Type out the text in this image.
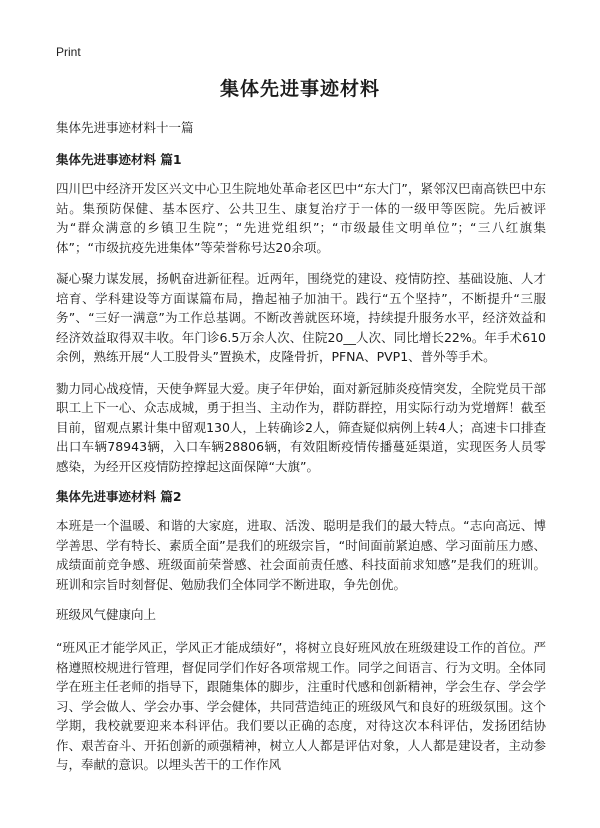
Print
集体先进事迹材料

集体先进事迹材料十一篇

集体先进事迹材料 篇1

四川巴中经济开发区兴文中心卫生院地处革命老区巴中“东大门”，紧邻汉巴南高铁巴中东站。集预防保健、基本医疗、公共卫生、康复治疗于一体的一级甲等医院。先后被评为“群众满意的乡镇卫生院”；“先进党组织”；“市级最佳文明单位”；“三八红旗集体”；“市级抗疫先进集体”等荣誉称号达20余项。

凝心聚力谋发展，扬帆奋进新征程。近两年，围绕党的建设、疫情防控、基础设施、人才培育、学科建设等方面谋篇布局，撸起袖子加油干。践行“五个坚持”，不断提升“三服务”、“三好一满意”为工作总基调。不断改善就医环境，持续提升服务水平，经济效益和经济效益取得双丰收。年门诊6.5万余人次、住院20__人次、同比增长22%。年手术610余例，熟练开展“人工股骨头”置换术，皮隆骨折，PFNA、PVP1、普外等手术。

勠力同心战疫情，天使争辉显大爱。庚子年伊始，面对新冠肺炎疫情突发，全院党员干部职工上下一心、众志成城，勇于担当、主动作为，群防群控，用实际行动为党增辉！截至目前，留观点累计集中留观130人，上转确诊2人，筛查疑似病例上转4人；高速卡口排查出口车辆78943辆，入口车辆28806辆，有效阻断疫情传播蔓延渠道，实现医务人员零感染，为经开区疫情防控撑起这面保障“大旗”。

集体先进事迹材料 篇2

本班是一个温暖、和谐的大家庭，进取、活泼、聪明是我们的最大特点。“志向高远、博学善思、学有特长、素质全面”是我们的班级宗旨，“时间面前紧迫感、学习面前压力感、成绩面前竞争感、班级面前荣誉感、社会面前责任感、科技面前求知感”是我们的班训。班训和宗旨时刻督促、勉励我们全体同学不断进取，争先创优。

班级风气健康向上

“班风正才能学风正，学风正才能成绩好”，将树立良好班风放在班级建设工作的首位。严格遵照校规进行管理，督促同学们作好各项常规工作。同学之间语言、行为文明。全体同学在班主任老师的指导下，跟随集体的脚步，注重时代感和创新精神，学会生存、学会学习、学会做人、学会办事、学会健体，共同营造纯正的班级风气和良好的班级氛围。这个学期，我校就要迎来本科评估。我们要以正确的态度，对待这次本科评估，发扬团结协作、艰苦奋斗、开拓创新的顽强精神，树立人人都是评估对象，人人都是建设者，主动参与，奉献的意识。以埋头苦干的工作作风
